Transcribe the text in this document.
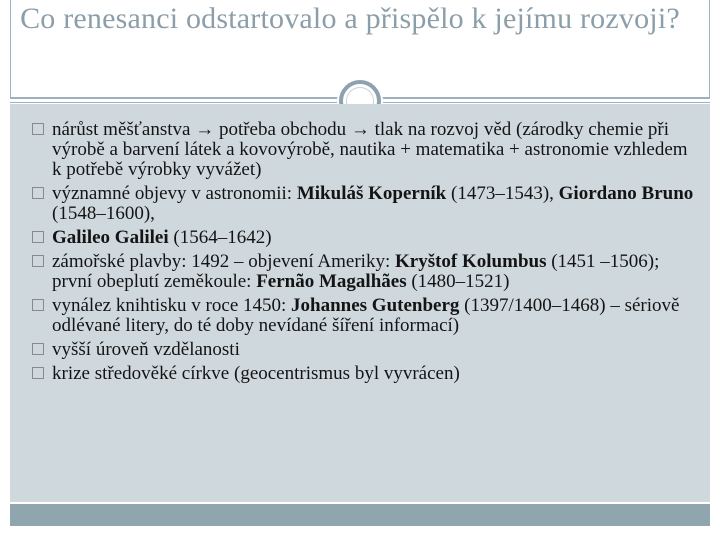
Co renesanci odstartovalo a přispělo k jejímu rozvoji?
nárůst měšťanstva → potřeba obchodu → tlak na rozvoj věd (zárodky chemie při výrobě a barvení látek a kovovýrobě, nautika + matematika + astronomie vzhledem k potřebě výrobky vyvážet)
významné objevy v astronomii: Mikuláš Koperník (1473–1543), Giordano Bruno (1548–1600),
Galileo Galilei (1564–1642)
zámořské plavby: 1492 – objevení Ameriky: Kryštof Kolumbus (1451 –1506); první obeplutí zeměkoule: Fernão Magalhães (1480–1521)
vynález knihtisku v roce 1450: Johannes Gutenberg (1397/1400–1468) – sériově odlévané litery, do té doby nevídané šíření informací)
vyšší úroveň vzdělanosti
krize středověké církve (geocentrismus byl vyvrácen)
